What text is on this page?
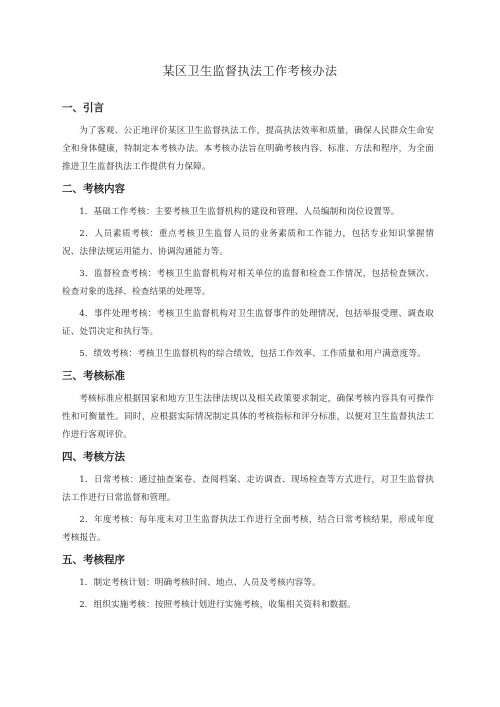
某区卫生监督执法工作考核办法
一、引言

为了客观、公正地评价某区卫生监督执法工作，提高执法效率和质量，确保人民群众生命安全和身体健康，特制定本考核办法。本考核办法旨在明确考核内容、标准、方法和程序，为全面推进卫生监督执法工作提供有力保障。

二、考核内容

1．基础工作考核：主要考核卫生监督机构的建设和管理、人员编制和岗位设置等。

2．人员素质考核：重点考核卫生监督人员的业务素质和工作能力，包括专业知识掌握情况、法律法规运用能力、协调沟通能力等。

3．监督检查考核：考核卫生监督机构对相关单位的监督和检查工作情况，包括检查频次、检查对象的选择、检查结果的处理等。

4．事件处理考核：考核卫生监督机构对卫生监督事件的处理情况，包括举报受理、调查取证、处罚决定和执行等。

5．绩效考核：考核卫生监督机构的综合绩效，包括工作效率、工作质量和用户满意度等。

三、考核标准

考核标准应根据国家和地方卫生法律法规以及相关政策要求制定，确保考核内容具有可操作性和可衡量性。同时，应根据实际情况制定具体的考核指标和评分标准，以便对卫生监督执法工作进行客观评价。

四、考核方法

1．日常考核：通过抽查案卷、查阅档案、走访调查、现场检查等方式进行，对卫生监督执法工作进行日常监督和管理。

2．年度考核：每年度末对卫生监督执法工作进行全面考核，结合日常考核结果，形成年度考核报告。

五、考核程序

1．制定考核计划：明确考核时间、地点、人员及考核内容等。

2．组织实施考核：按照考核计划进行实施考核，收集相关资料和数据。
